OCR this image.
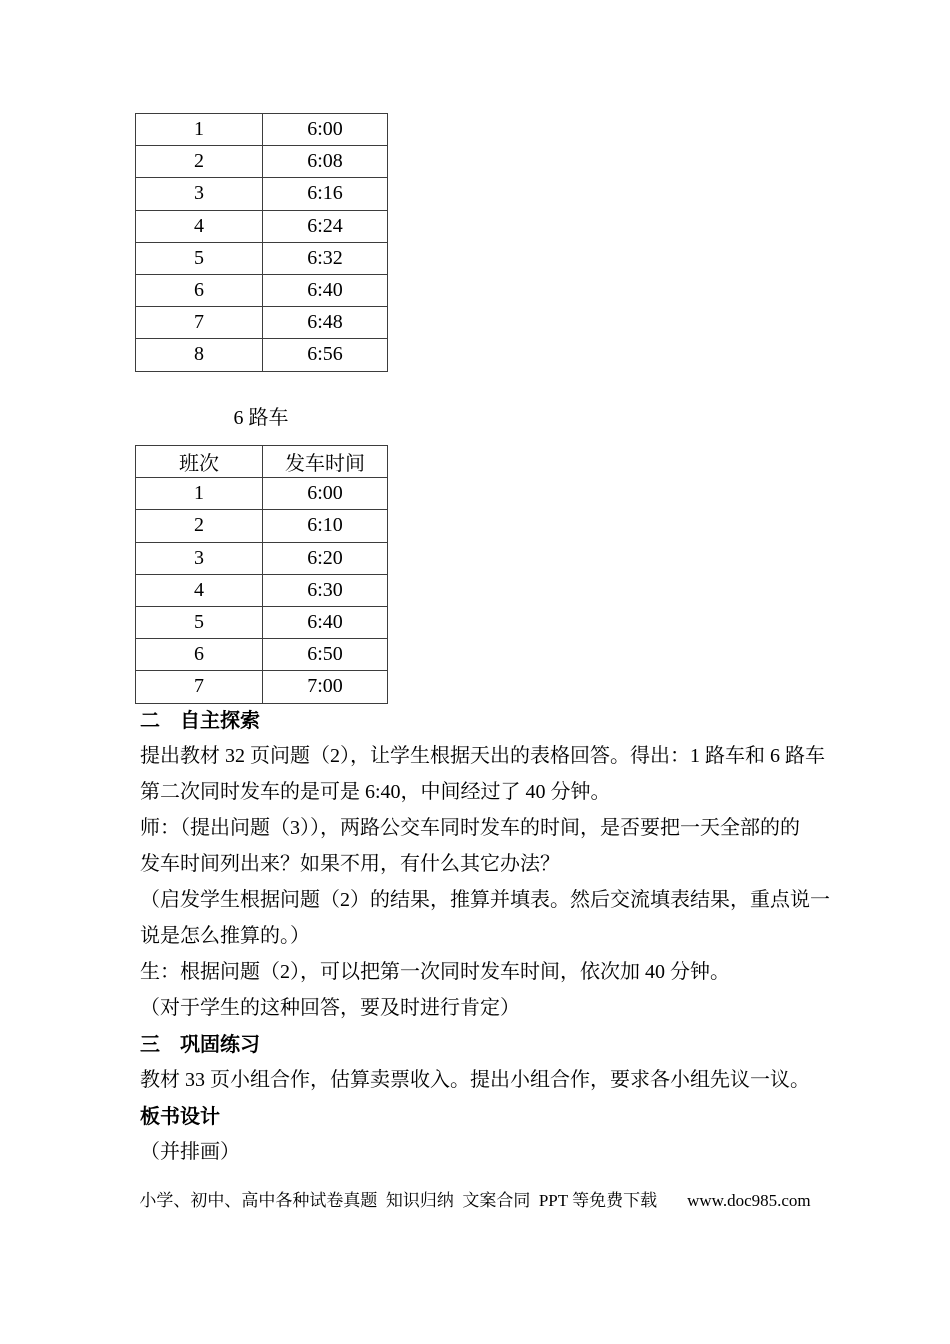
1	6:00
2	6:08
3	6:16
4	6:24
5	6:32
6	6:40
7	6:48
8	6:56
6 路车
班次	发车时间
1	6:00
2	6:10
3	6:20
4	6:30
5	6:40
6	6:50
7	7:00
二　自主探索
提出教材 32 页问题（2），让学生根据天出的表格回答。得出：1 路车和 6 路车
第二次同时发车的是可是 6:40，中间经过了 40 分钟。
师：（提出问题（3）），两路公交车同时发车的时间，是否要把一天全部的的
发车时间列出来？如果不用，有什么其它办法？
（启发学生根据问题（2）的结果，推算并填表。然后交流填表结果，重点说一
说是怎么推算的。）
生：根据问题（2），可以把第一次同时发车时间，依次加 40 分钟。
（对于学生的这种回答，要及时进行肯定）
三　巩固练习
教材 33 页小组合作，估算卖票收入。提出小组合作，要求各小组先议一议。
板书设计
（并排画）
小学、初中、高中各种试卷真题  知识归纳  文案合同  PPT 等免费下载 www.doc985.com
